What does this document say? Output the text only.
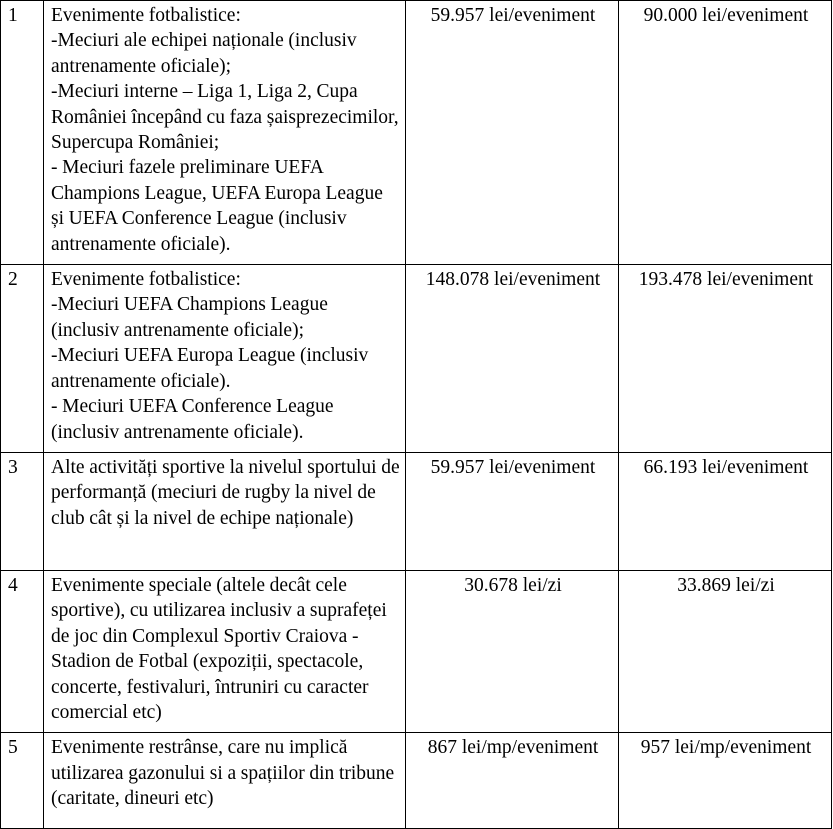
1	Evenimente fotbalistice:
-Meciuri ale echipei naționale (inclusiv antrenamente oficiale);
-Meciuri interne – Liga 1, Liga 2, Cupa României începând cu faza șaisprezecimilor, Supercupa României;
- Meciuri fazele preliminare UEFA Champions League, UEFA Europa League și UEFA Conference League (inclusiv antrenamente oficiale).	59.957 lei/eveniment	90.000 lei/eveniment
2	Evenimente fotbalistice:
-Meciuri UEFA Champions League (inclusiv antrenamente oficiale);
-Meciuri UEFA Europa League (inclusiv antrenamente oficiale).
- Meciuri UEFA Conference League (inclusiv antrenamente oficiale).	148.078 lei/eveniment	193.478 lei/eveniment
3	Alte activități sportive la nivelul sportului de performanță (meciuri de rugby la nivel de club cât și la nivel de echipe naționale)	59.957 lei/eveniment	66.193 lei/eveniment
4	Evenimente speciale (altele decât cele sportive), cu utilizarea inclusiv a suprafeței de joc din Complexul Sportiv Craiova - Stadion de Fotbal (expoziții, spectacole, concerte, festivaluri, întruniri cu caracter comercial etc)	30.678 lei/zi	33.869 lei/zi
5	Evenimente restrânse, care nu implică utilizarea gazonului si a spațiilor din tribune (caritate, dineuri etc)	867 lei/mp/eveniment	957 lei/mp/eveniment
